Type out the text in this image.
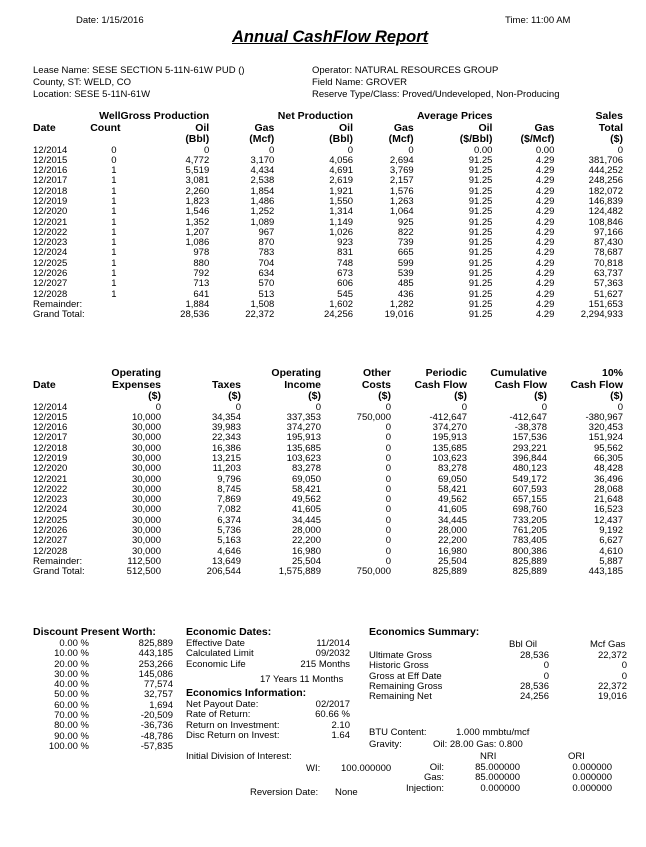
Date: 1/15/2016	Time: 11:00 AM
Annual CashFlow Report
Lease Name: SESE SECTION 5-11N-61W PUD ()
County, ST: WELD, CO
Location: SESE 5-11N-61W
Operator: NATURAL RESOURCES GROUP
Field Name: GROVER
Reserve Type/Class: Proved/Undeveloped, Non-Producing
	Well	Gross Production		Net Production		Average Prices		Sales
Date	Count	Oil	Gas	Oil	Gas	Oil	Gas	Total
		(Bbl)	(Mcf)	(Bbl)	(Mcf)	($/Bbl)	($/Mcf)	($)
12/2014	0	0	0	0	0	0.00	0.00	0
12/2015	0	4,772	3,170	4,056	2,694	91.25	4.29	381,706
12/2016	1	5,519	4,434	4,691	3,769	91.25	4.29	444,252
12/2017	1	3,081	2,538	2,619	2,157	91.25	4.29	248,256
12/2018	1	2,260	1,854	1,921	1,576	91.25	4.29	182,072
12/2019	1	1,823	1,486	1,550	1,263	91.25	4.29	146,839
12/2020	1	1,546	1,252	1,314	1,064	91.25	4.29	124,482
12/2021	1	1,352	1,089	1,149	925	91.25	4.29	108,846
12/2022	1	1,207	967	1,026	822	91.25	4.29	97,166
12/2023	1	1,086	870	923	739	91.25	4.29	87,430
12/2024	1	978	783	831	665	91.25	4.29	78,687
12/2025	1	880	704	748	599	91.25	4.29	70,818
12/2026	1	792	634	673	539	91.25	4.29	63,737
12/2027	1	713	570	606	485	91.25	4.29	57,363
12/2028	1	641	513	545	436	91.25	4.29	51,627
Remainder:		1,884	1,508	1,602	1,282	91.25	4.29	151,653
Grand Total:		28,536	22,372	24,256	19,016	91.25	4.29	2,294,933
	Operating		Operating	Other	Periodic	Cumulative	10%
Date	Expenses	Taxes	Income	Costs	Cash Flow	Cash Flow	Cash Flow
	($)	($)	($)	($)	($)	($)	($)
12/2014	0	0	0	0	0	0	0
12/2015	10,000	34,354	337,353	750,000	-412,647	-412,647	-380,967
12/2016	30,000	39,983	374,270	0	374,270	-38,378	320,453
12/2017	30,000	22,343	195,913	0	195,913	157,536	151,924
12/2018	30,000	16,386	135,685	0	135,685	293,221	95,562
12/2019	30,000	13,215	103,623	0	103,623	396,844	66,305
12/2020	30,000	11,203	83,278	0	83,278	480,123	48,428
12/2021	30,000	9,796	69,050	0	69,050	549,172	36,496
12/2022	30,000	8,745	58,421	0	58,421	607,593	28,068
12/2023	30,000	7,869	49,562	0	49,562	657,155	21,648
12/2024	30,000	7,082	41,605	0	41,605	698,760	16,523
12/2025	30,000	6,374	34,445	0	34,445	733,205	12,437
12/2026	30,000	5,736	28,000	0	28,000	761,205	9,192
12/2027	30,000	5,163	22,200	0	22,200	783,405	6,627
12/2028	30,000	4,646	16,980	0	16,980	800,386	4,610
Remainder:	112,500	13,649	25,504	0	25,504	825,889	5,887
Grand Total:	512,500	206,544	1,575,889	750,000	825,889	825,889	443,185
Discount Present Worth:
0.00 %	825,889
10.00 %	443,185
20.00 %	253,266
30.00 %	145,086
40.00 %	77,574
50.00 %	32,757
60.00 %	1,694
70.00 %	-20,509
80.00 %	-36,736
90.00 %	-48,786
100.00 %	-57,835
Economic Dates:
Effective Date	11/2014
Calculated Limit	09/2032
Economic Life	215 Months
17 Years 11 Months
Economics Information:
Net Payout Date:	02/2017
Rate of Return:	60.66 %
Return on Investment:	2.10
Disc Return on Invest:	1.64
Initial Division of Interest:
Economics Summary:
Bbl Oil	Mcf Gas
Ultimate Gross	28,536	22,372
Historic Gross	0	0
Gross at Eff Date	0	0
Remaining Gross	28,536	22,372
Remaining Net	24,256	19,016
BTU Content:	1.000 mmbtu/mcf
Gravity:	Oil: 28.00 Gas: 0.800
NRI	ORI
WI: 100.000000	Oil:	85.000000	0.000000
Gas:	85.000000	0.000000
Injection:	0.000000	0.000000
Reversion Date: None
